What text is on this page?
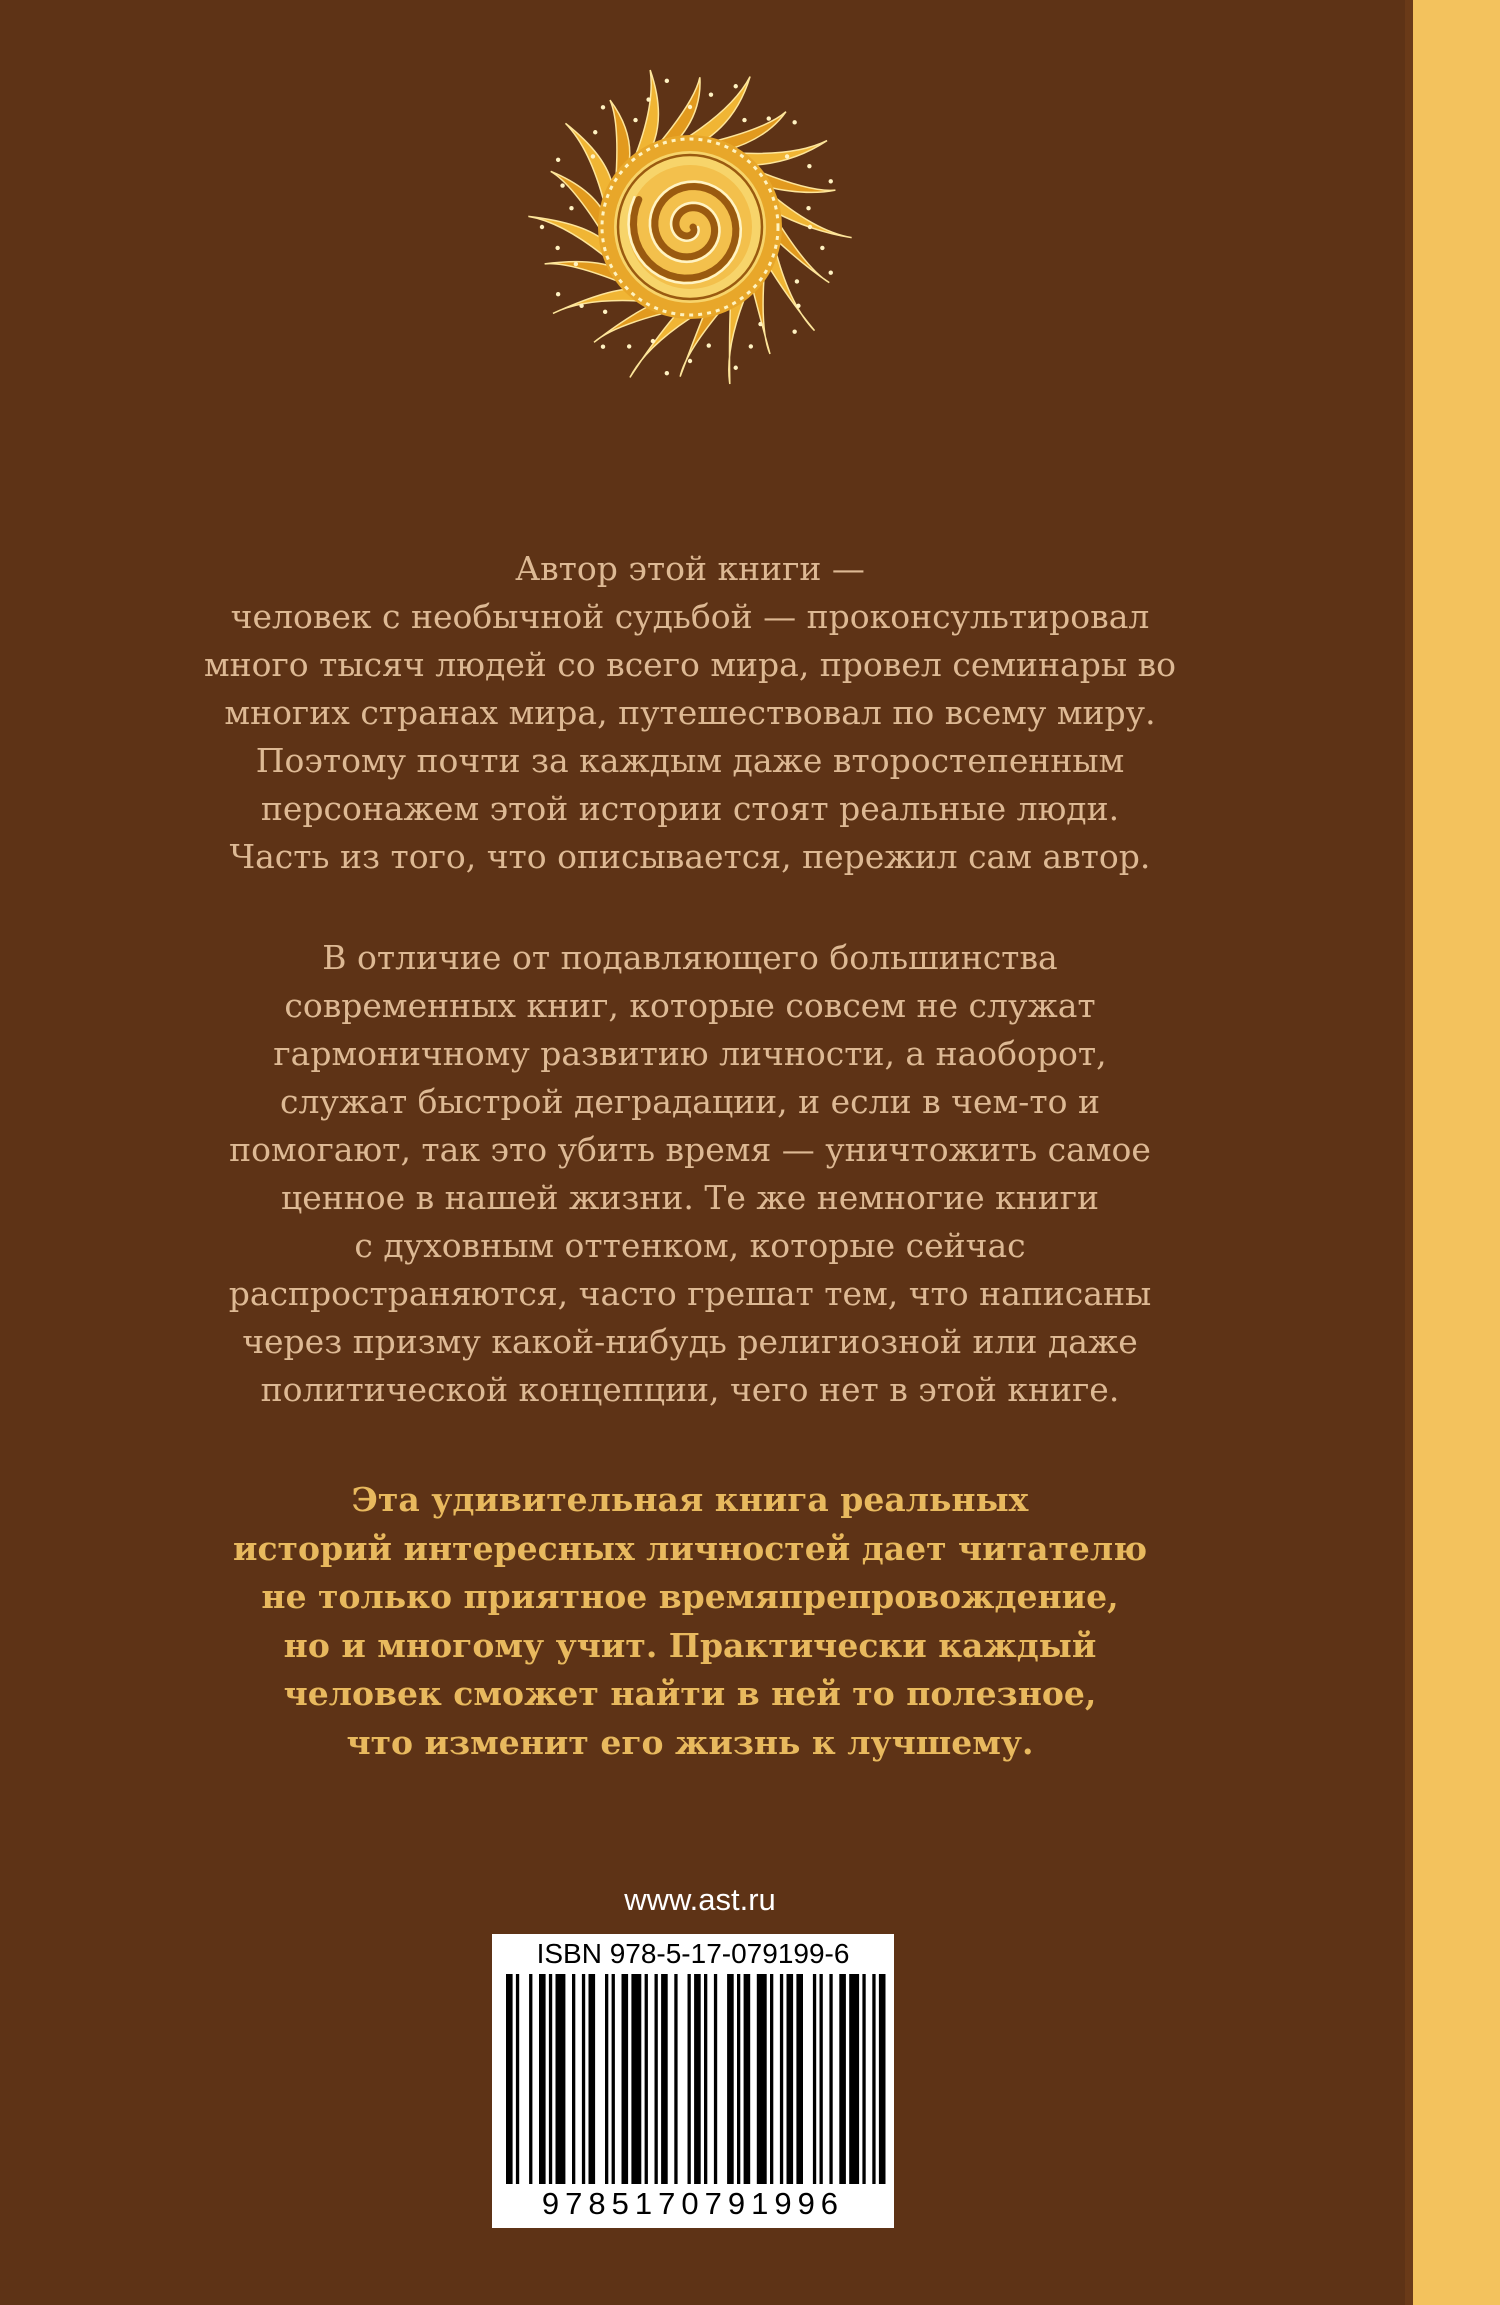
Автор этой книги —
человек с необычной судьбой — проконсультировал
много тысяч людей со всего мира, провел семинары во
многих странах мира, путешествовал по всему миру.
Поэтому почти за каждым даже второстепенным
персонажем этой истории стоят реальные люди.
Часть из того, что описывается, пережил сам автор.
В отличие от подавляющего большинства
современных книг, которые совсем не служат
гармоничному развитию личности, а наоборот,
служат быстрой деградации, и если в чем-то и
помогают, так это убить время — уничтожить самое
ценное в нашей жизни. Те же немногие книги
с духовным оттенком, которые сейчас
распространяются, часто грешат тем, что написаны
через призму какой-нибудь религиозной или даже
политической концепции, чего нет в этой книге.
Эта удивительная книга реальных
историй интересных личностей дает читателю
не только приятное времяпрепровождение,
но и многому учит. Практически каждый
человек сможет найти в ней то полезное,
что изменит его жизнь к лучшему.
www.ast.ru
ISBN 978-5-17-079199-6
9785170791996
